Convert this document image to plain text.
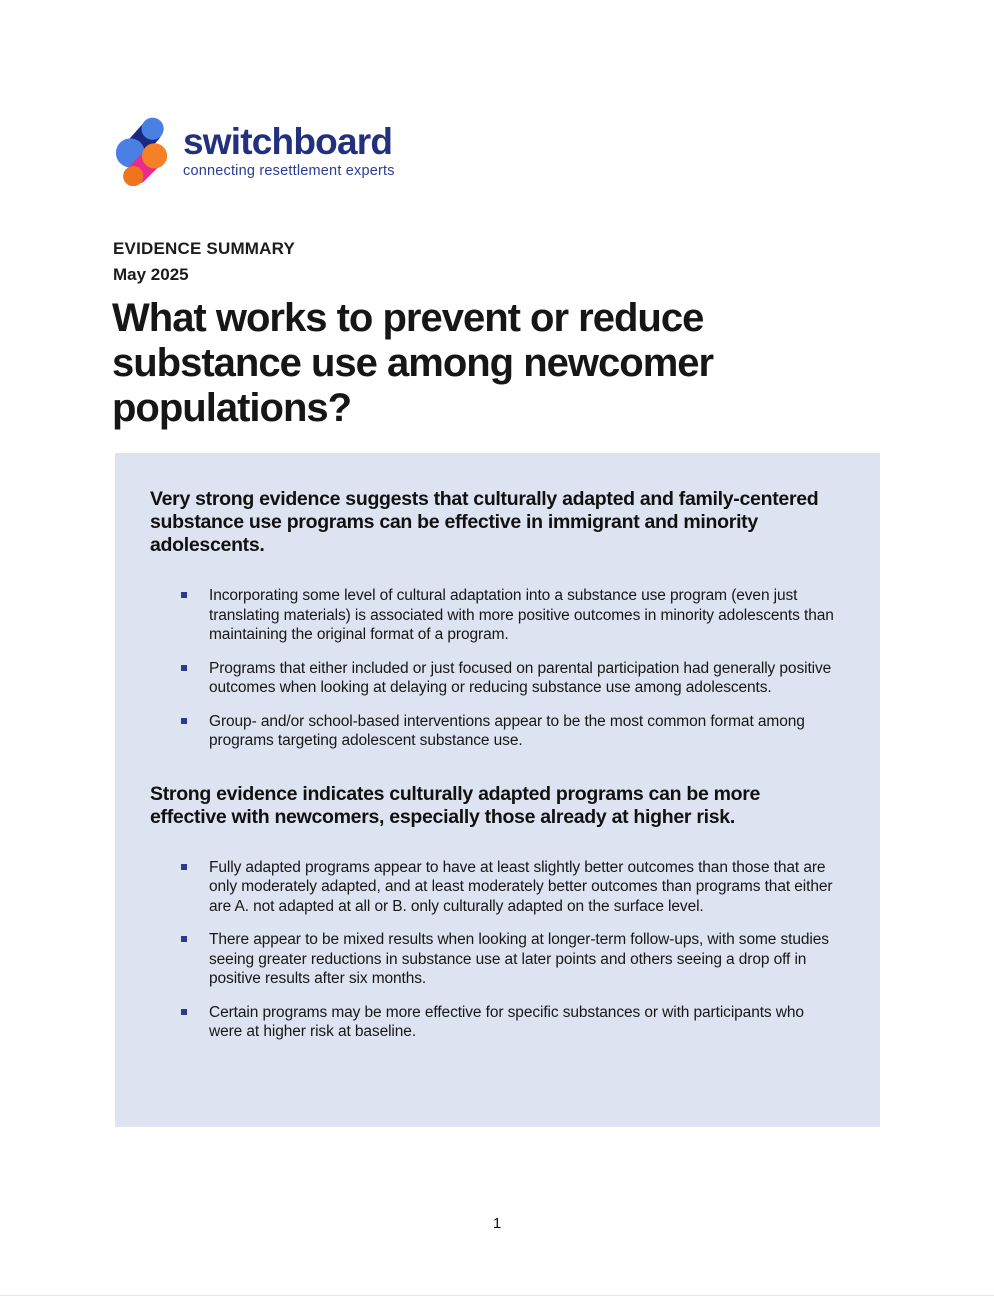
switchboard
connecting resettlement experts
EVIDENCE SUMMARY
May 2025
What works to prevent or reduce
substance use among newcomer
populations?
Very strong evidence suggests that culturally adapted and family-centered substance use programs can be effective in immigrant and minority adolescents.
Incorporating some level of cultural adaptation into a substance use program (even just translating materials) is associated with more positive outcomes in minority adolescents than maintaining the original format of a program.
Programs that either included or just focused on parental participation had generally positive outcomes when looking at delaying or reducing substance use among adolescents.
Group- and/or school-based interventions appear to be the most common format among programs targeting adolescent substance use.
Strong evidence indicates culturally adapted programs can be more effective with newcomers, especially those already at higher risk.
Fully adapted programs appear to have at least slightly better outcomes than those that are only moderately adapted, and at least moderately better outcomes than programs that either are A. not adapted at all or B. only culturally adapted on the surface level.
There appear to be mixed results when looking at longer-term follow-ups, with some studies seeing greater reductions in substance use at later points and others seeing a drop off in positive results after six months.
Certain programs may be more effective for specific substances or with participants who were at higher risk at baseline.
1
